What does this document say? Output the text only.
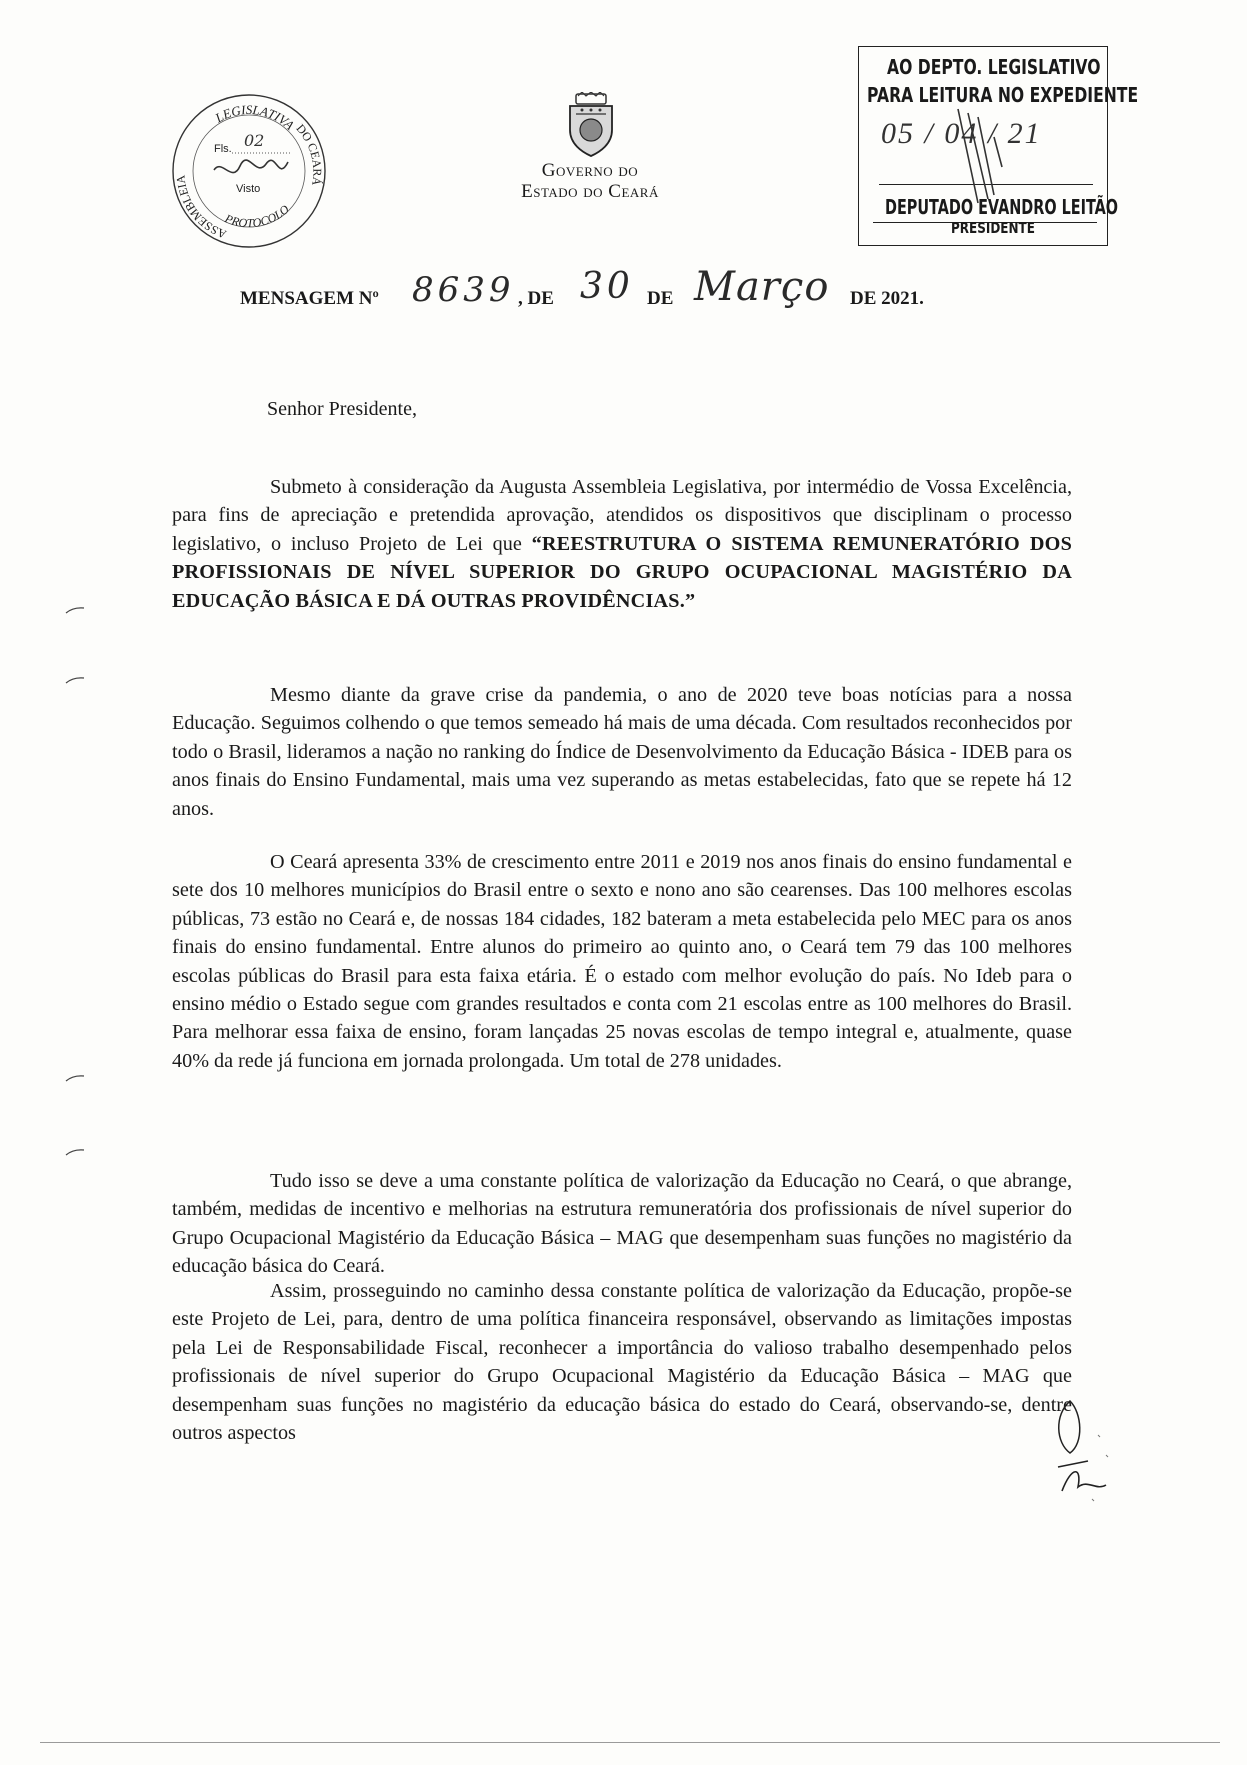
LEGISLATIVA
ASSEMBLEIA
DO CEARÁ
PROTOCOLO
Fls. 02
Visto
Governo do
Estado do Ceará
AO DEPTO. LEGISLATIVO
PARA LEITURA NO EXPEDIENTE
05 / 04 / 21
DEPUTADO EVANDRO LEITÃO
PRESIDENTE
MENSAGEM Nº 8639 , DE 30 DE Março DE 2021.
Senhor Presidente,
Submeto à consideração da Augusta Assembleia Legislativa, por intermédio de Vossa Excelência, para fins de apreciação e pretendida aprovação, atendidos os dispositivos que disciplinam o processo legislativo, o incluso Projeto de Lei que “REESTRUTURA O SISTEMA REMUNERATÓRIO DOS PROFISSIONAIS DE NÍVEL SUPERIOR DO GRUPO OCUPACIONAL MAGISTÉRIO DA EDUCAÇÃO BÁSICA E DÁ OUTRAS PROVIDÊNCIAS.”
Mesmo diante da grave crise da pandemia, o ano de 2020 teve boas notícias para a nossa Educação. Seguimos colhendo o que temos semeado há mais de uma década. Com resultados reconhecidos por todo o Brasil, lideramos a nação no ranking do Índice de Desenvolvimento da Educação Básica - IDEB para os anos finais do Ensino Fundamental, mais uma vez superando as metas estabelecidas, fato que se repete há 12 anos.
O Ceará apresenta 33% de crescimento entre 2011 e 2019 nos anos finais do ensino fundamental e sete dos 10 melhores municípios do Brasil entre o sexto e nono ano são cearenses. Das 100 melhores escolas públicas, 73 estão no Ceará e, de nossas 184 cidades, 182 bateram a meta estabelecida pelo MEC para os anos finais do ensino fundamental. Entre alunos do primeiro ao quinto ano, o Ceará tem 79 das 100 melhores escolas públicas do Brasil para esta faixa etária. É o estado com melhor evolução do país. No Ideb para o ensino médio o Estado segue com grandes resultados e conta com 21 escolas entre as 100 melhores do Brasil. Para melhorar essa faixa de ensino, foram lançadas 25 novas escolas de tempo integral e, atualmente, quase 40% da rede já funciona em jornada prolongada. Um total de 278 unidades.
Tudo isso se deve a uma constante política de valorização da Educação no Ceará, o que abrange, também, medidas de incentivo e melhorias na estrutura remuneratória dos profissionais de nível superior do Grupo Ocupacional Magistério da Educação Básica – MAG que desempenham suas funções no magistério da educação básica do Ceará.
Assim, prosseguindo no caminho dessa constante política de valorização da Educação, propõe-se este Projeto de Lei, para, dentro de uma política financeira responsável, observando as limitações impostas pela Lei de Responsabilidade Fiscal, reconhecer a importância do valioso trabalho desempenhado pelos profissionais de nível superior do Grupo Ocupacional Magistério da Educação Básica – MAG que desempenham suas funções no magistério da educação básica do estado do Ceará, observando-se, dentre outros aspectos
